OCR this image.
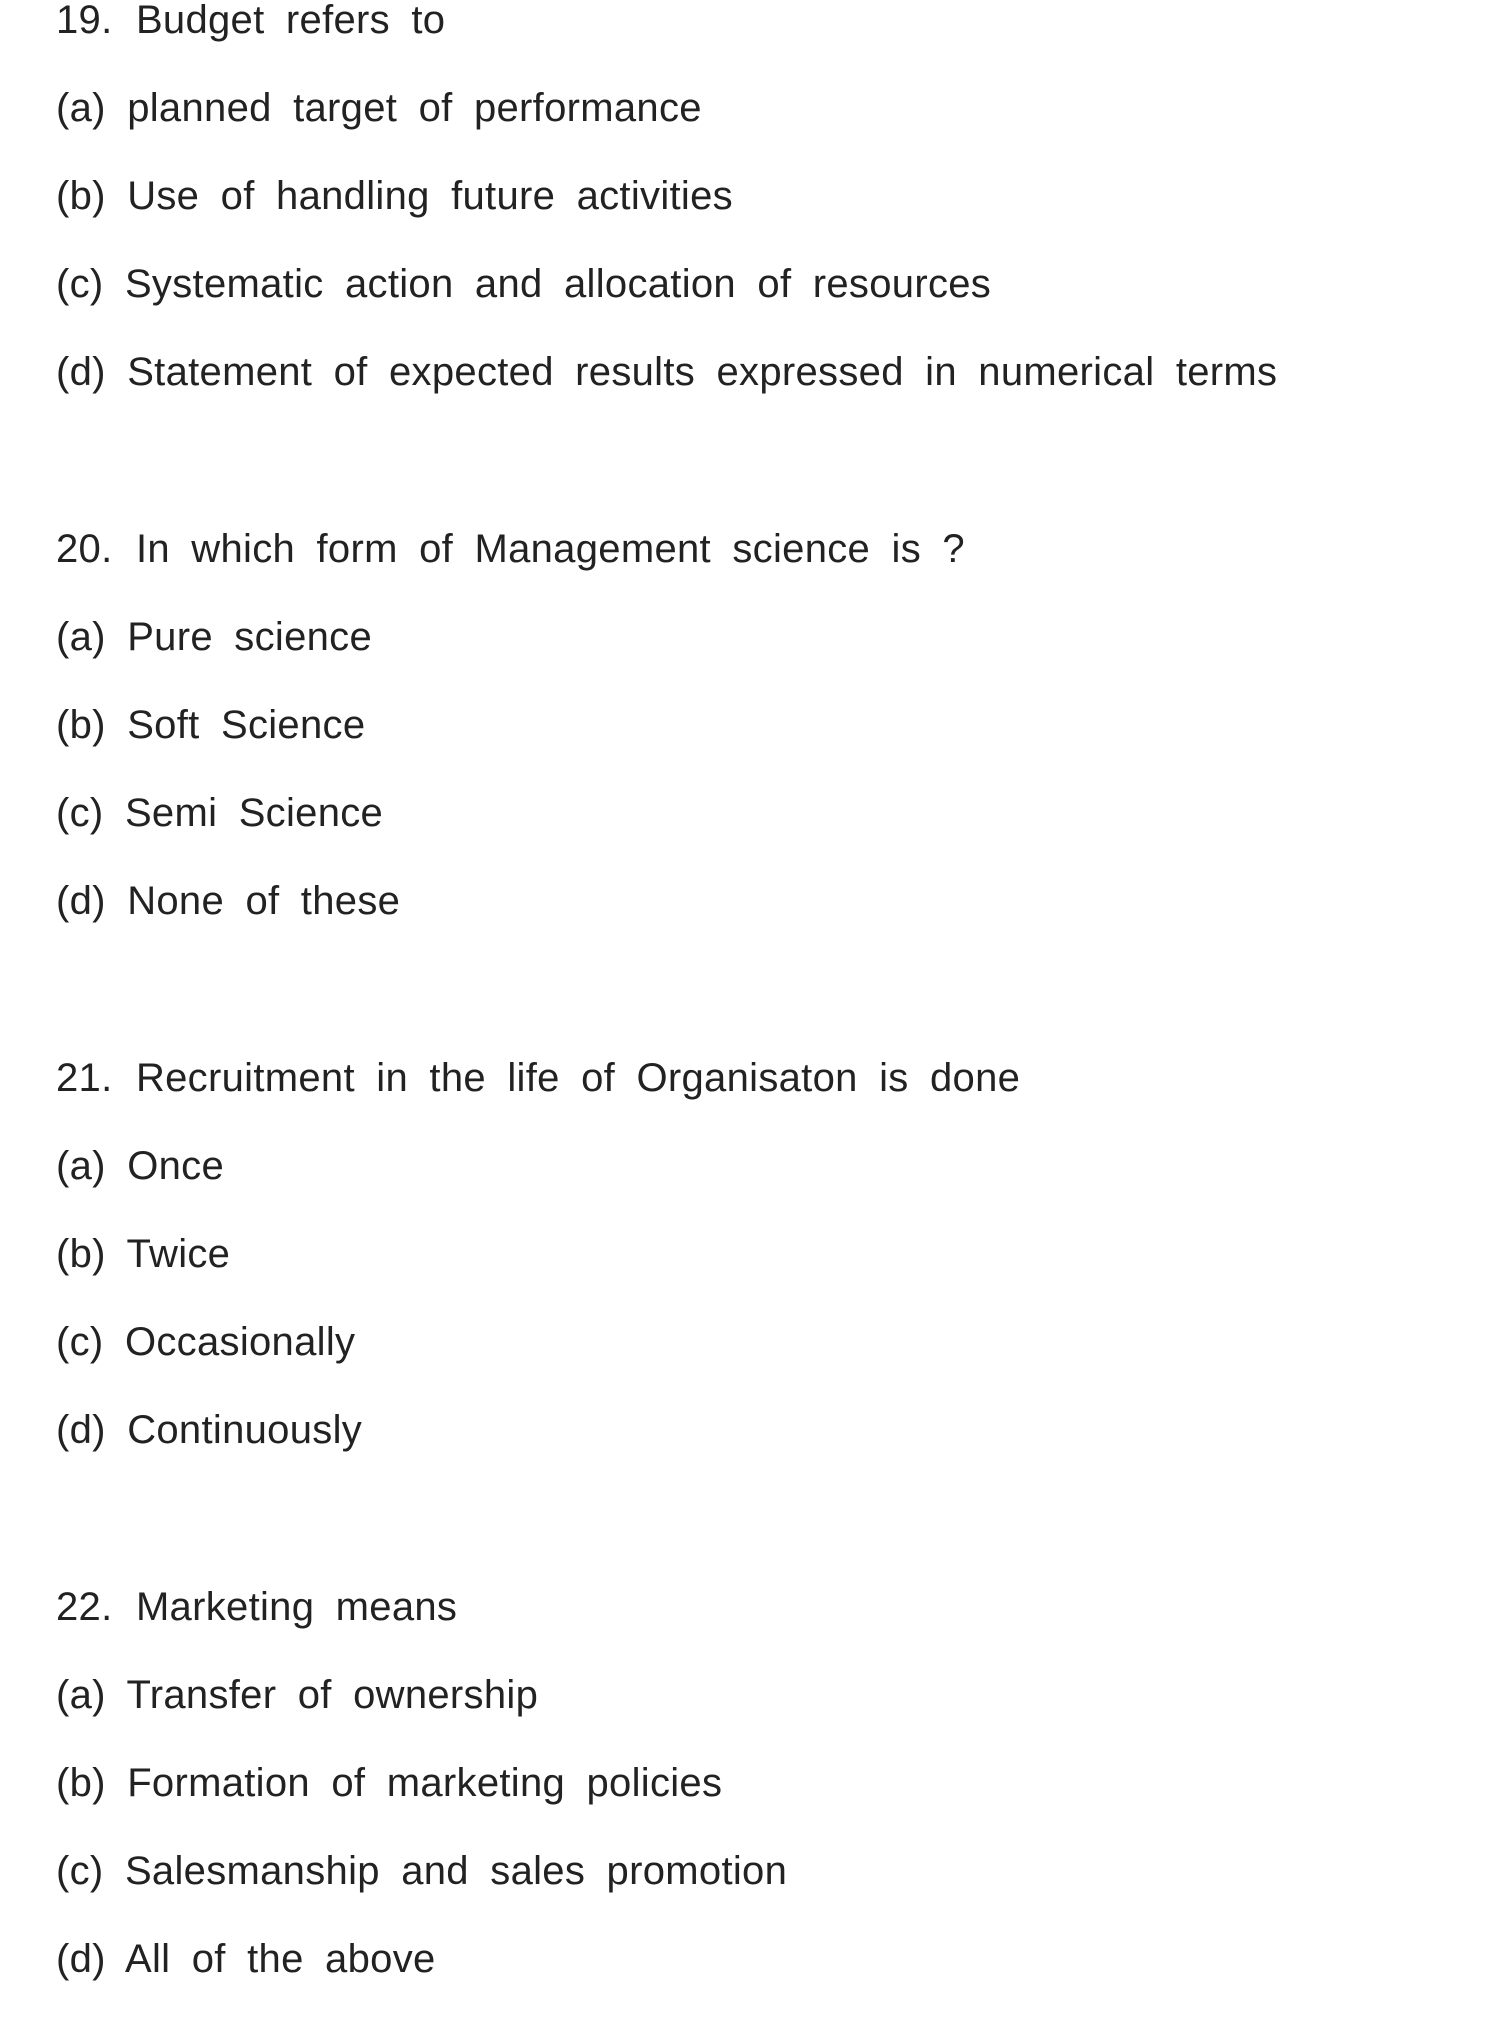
19. Budget refers to
(a) planned target of performance
(b) Use of handling future activities
(c) Systematic action and allocation of resources
(d) Statement of expected results expressed in numerical terms
20. In which form of Management science is ?
(a) Pure science
(b) Soft Science
(c) Semi Science
(d) None of these
21. Recruitment in the life of Organisaton is done
(a) Once
(b) Twice
(c) Occasionally
(d) Continuously
22. Marketing means
(a) Transfer of ownership
(b) Formation of marketing policies
(c) Salesmanship and sales promotion
(d) All of the above
